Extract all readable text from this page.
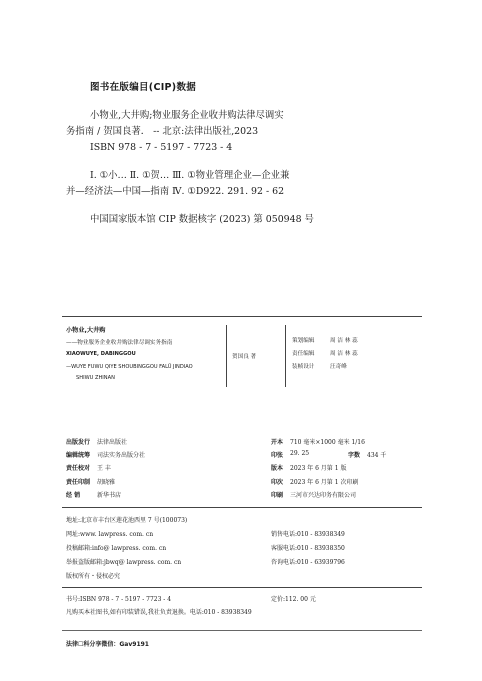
图书在版编目(CIP)数据
小物业,大井购;物业服务企业收井购法律尽调实
务指南 / 贺国良著． -- 北京:法律出版社,2023
ISBN 978 - 7 - 5197 - 7723 - 4
Ⅰ. ①小… Ⅱ. ①贺… Ⅲ. ①物业管理企业—企业兼
并—经济法—中国—指南 Ⅳ. ①D922. 291. 92 - 62
中国国家版本馆 CIP 数据核字 (2023) 第 050948 号
小物业,大井购
——物业服务企业收井购法律尽调实务指南
XIAOWUYE, DABINGGOU
—WUYE FUWU QIYE SHOUBINGGOU FALÜ JINDIAO
SHIWU ZHINAN
贺国良 著
策划编辑	周 洁 林 蕊
责任编辑	周 洁 林 蕊
装帧设计	汪奇峰
出版发行 法律出版社
编辑统筹 司法实务出版分社
责任校对 王 丰
责任印制 胡晓雅
经 销	新华书店
开本 710 毫米×1000 毫米 1/16
印张 29. 25	字数 434 千
版本 2023 年 6 月第 1 版
印次 2023 年 6 月第 1 次印刷
印刷 三河市兴达印务有限公司
地址:北京市丰台区莲花池西里 7 号(100073)
网址:www. lawpress. com. cn
投稿邮箱:info@ lawpress. com. cn
举报盗版邮箱:jbwq@ lawpress. com. cn
版权所有・侵权必究
销售电话:010 - 83938349
客服电话:010 - 83938350
咨询电话:010 - 63939796
书号:ISBN 978 - 7 - 5197 - 7723 - 4	定价:112. 00 元
凡购买本社图书,如有印装错误,我社负责退换。电话:010 - 83938349
法律☐科分享微信：Gav9191
